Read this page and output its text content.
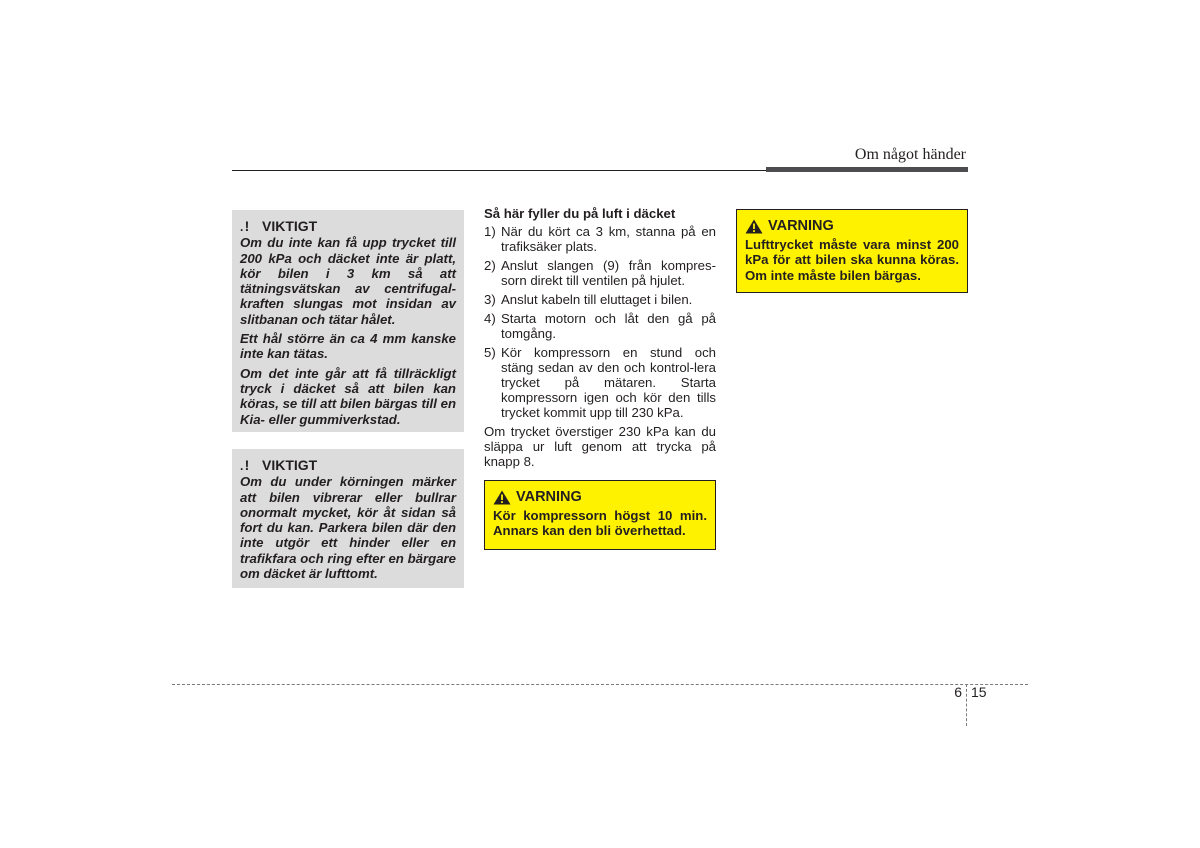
Om något händer
. ! VIKTIGT

Om du inte kan få upp trycket till 200 kPa och däcket inte är platt, kör bilen i 3 km så att tätningsvätskan av centrifugal-kraften slungas mot insidan av slitbanan och tätar hålet.

Ett hål större än ca 4 mm kanske inte kan tätas.

Om det inte går att få tillräckligt tryck i däcket så att bilen kan köras, se till att bilen bärgas till en Kia- eller gummiverkstad.

. ! VIKTIGT

Om du under körningen märker att bilen vibrerar eller bullrar onormalt mycket, kör åt sidan så fort du kan. Parkera bilen där den inte utgör ett hinder eller en trafikfara och ring efter en bärgare om däcket är lufttomt.

Så här fyller du på luft i däcket
1) När du kört ca 3 km, stanna på en trafiksäker plats.
2) Anslut slangen (9) från kompres-sorn direkt till ventilen på hjulet.
3) Anslut kabeln till eluttaget i bilen.
4) Starta motorn och låt den gå på tomgång.
5) Kör kompressorn en stund och stäng sedan av den och kontrol-lera trycket på mätaren. Starta kompressorn igen och kör den tills trycket kommit upp till 230 kPa.

Om trycket överstiger 230 kPa kan du släppa ur luft genom att trycka på knapp 8.

VARNING

Kör kompressorn högst 10 min. Annars kan den bli överhettad.

VARNING

Lufttrycket måste vara minst 200 kPa för att bilen ska kunna köras. Om inte måste bilen bärgas.

6 15
